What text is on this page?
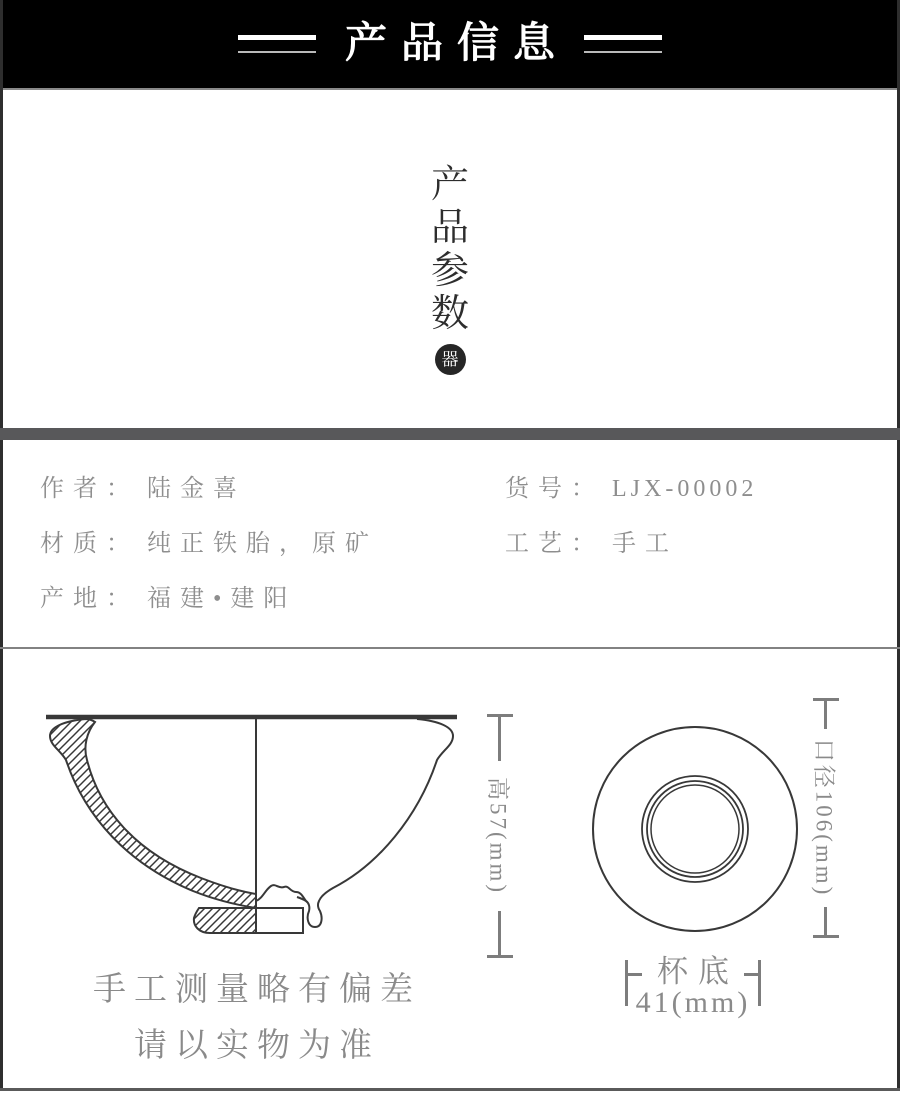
产品信息
产
品
参
数
器
作者： 陆金喜
材质： 纯正铁胎，原矿
产地： 福建•建阳
货号： LJX-00002
工艺： 手工
高57(mm)	口径106(mm)
杯底
41(mm)
手工测量略有偏差
请以实物为准
